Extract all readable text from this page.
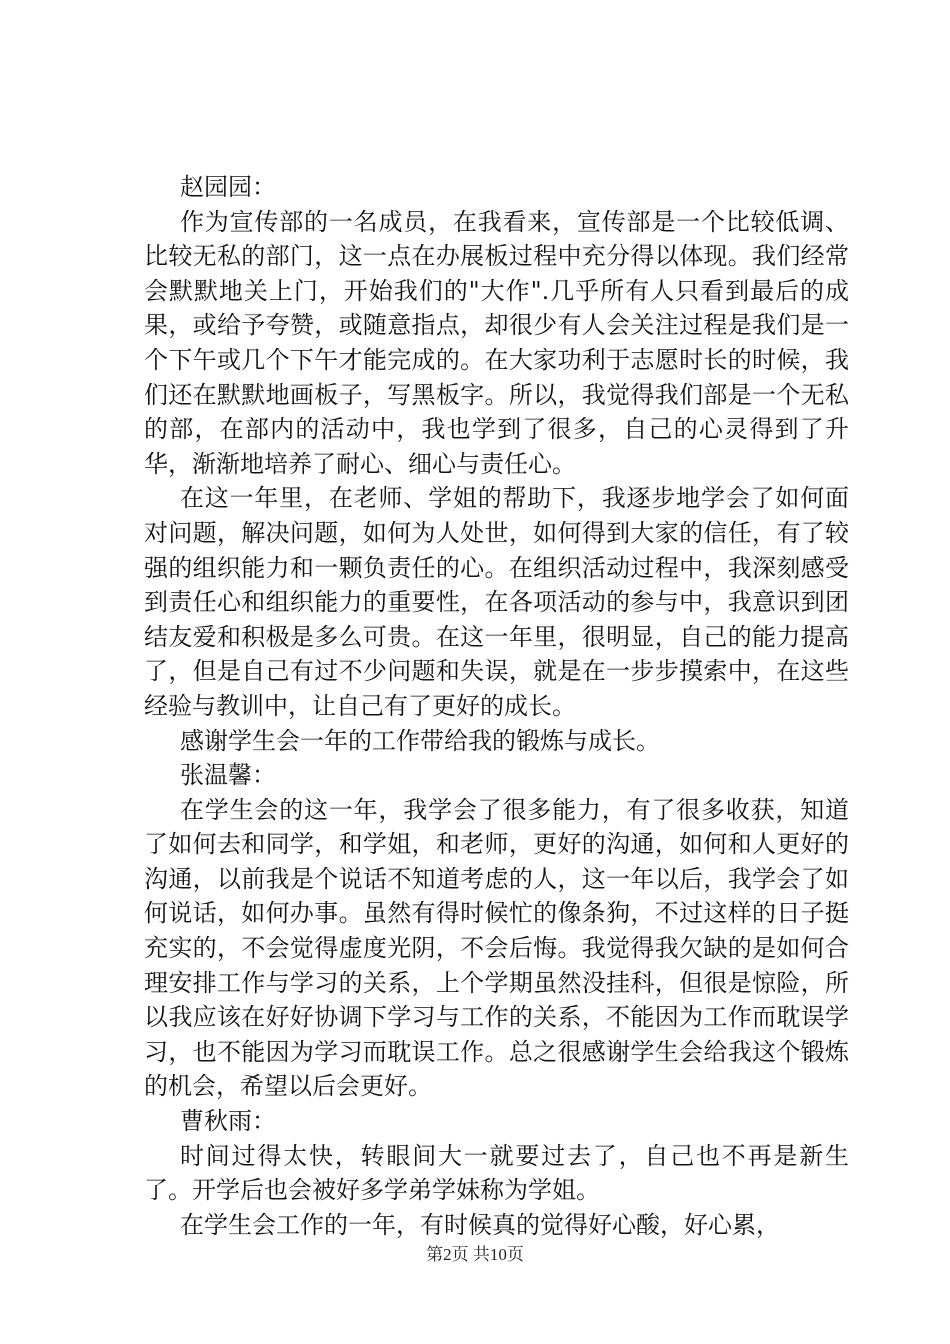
赵园园：

作为宣传部的一名成员，在我看来，宣传部是一个比较低调、比较无私的部门，这一点在办展板过程中充分得以体现。我们经常会默默地关上门，开始我们的"大作".几乎所有人只看到最后的成果，或给予夸赞，或随意指点，却很少有人会关注过程是我们是一个下午或几个下午才能完成的。在大家功利于志愿时长的时候，我们还在默默地画板子，写黑板字。所以，我觉得我们部是一个无私的部，在部内的活动中，我也学到了很多，自己的心灵得到了升华，渐渐地培养了耐心、细心与责任心。

在这一年里，在老师、学姐的帮助下，我逐步地学会了如何面对问题，解决问题，如何为人处世，如何得到大家的信任，有了较强的组织能力和一颗负责任的心。在组织活动过程中，我深刻感受到责任心和组织能力的重要性，在各项活动的参与中，我意识到团结友爱和积极是多么可贵。在这一年里，很明显，自己的能力提高了，但是自己有过不少问题和失误，就是在一步步摸索中，在这些经验与教训中，让自己有了更好的成长。

感谢学生会一年的工作带给我的锻炼与成长。

张温馨：

在学生会的这一年，我学会了很多能力，有了很多收获，知道了如何去和同学，和学姐，和老师，更好的沟通，如何和人更好的沟通，以前我是个说话不知道考虑的人，这一年以后，我学会了如何说话，如何办事。虽然有得时候忙的像条狗，不过这样的日子挺充实的，不会觉得虚度光阴，不会后悔。我觉得我欠缺的是如何合理安排工作与学习的关系，上个学期虽然没挂科，但很是惊险，所以我应该在好好协调下学习与工作的关系，不能因为工作而耽误学习，也不能因为学习而耽误工作。总之很感谢学生会给我这个锻炼的机会，希望以后会更好。

曹秋雨：

时间过得太快，转眼间大一就要过去了，自己也不再是新生了。开学后也会被好多学弟学妹称为学姐。

在学生会工作的一年，有时候真的觉得好心酸，好心累，

第2页 共10页
